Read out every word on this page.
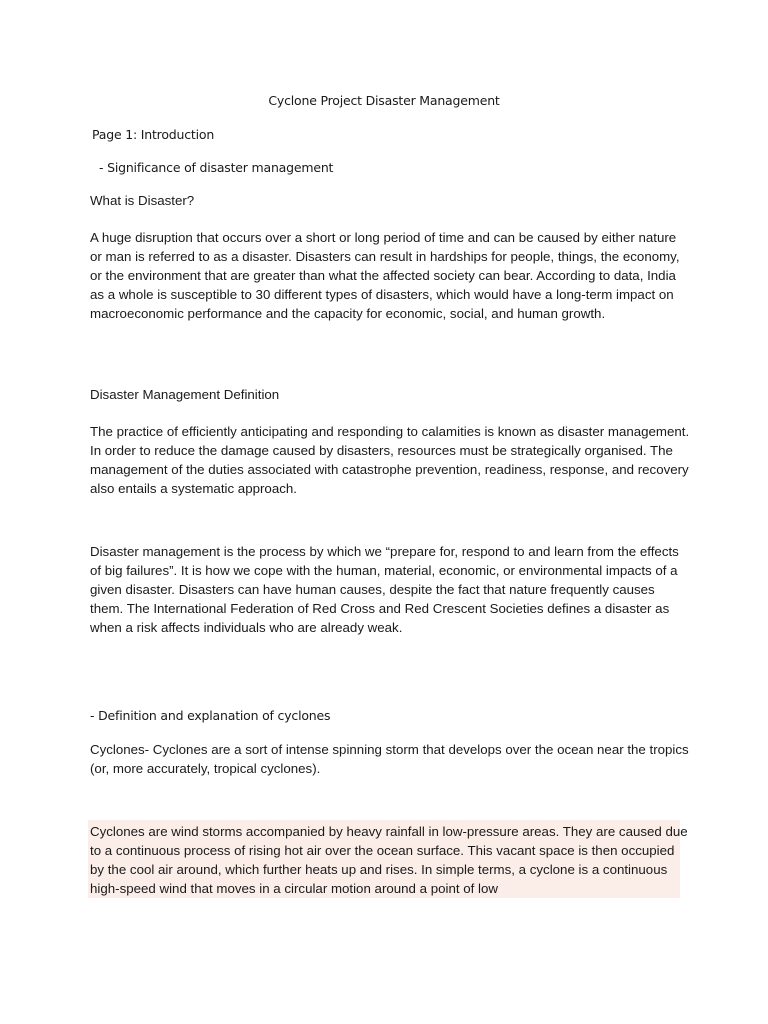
Cyclone Project Disaster Management
Page 1: Introduction
- Significance of disaster management
What is Disaster?

A huge disruption that occurs over a short or long period of time and can be caused by either nature or man is referred to as a disaster. Disasters can result in hardships for people, things, the economy, or the environment that are greater than what the affected society can bear. According to data, India as a whole is susceptible to 30 different types of disasters, which would have a long-term impact on macroeconomic performance and the capacity for economic, social, and human growth.

Disaster Management Definition

The practice of efficiently anticipating and responding to calamities is known as disaster management. In order to reduce the damage caused by disasters, resources must be strategically organised. The management of the duties associated with catastrophe prevention, readiness, response, and recovery also entails a systematic approach.

Disaster management is the process by which we “prepare for, respond to and learn from the effects of big failures”. It is how we cope with the human, material, economic, or environmental impacts of a given disaster. Disasters can have human causes, despite the fact that nature frequently causes them. The International Federation of Red Cross and Red Crescent Societies defines a disaster as when a risk affects individuals who are already weak.

- Definition and explanation of cyclones

Cyclones- Cyclones are a sort of intense spinning storm that develops over the ocean near the tropics (or, more accurately, tropical cyclones).

Cyclones are wind storms accompanied by heavy rainfall in low-pressure areas. They are caused due to a continuous process of rising hot air over the ocean surface. This vacant space is then occupied by the cool air around, which further heats up and rises. In simple terms, a cyclone is a continuous high-speed wind that moves in a circular motion around a point of low
